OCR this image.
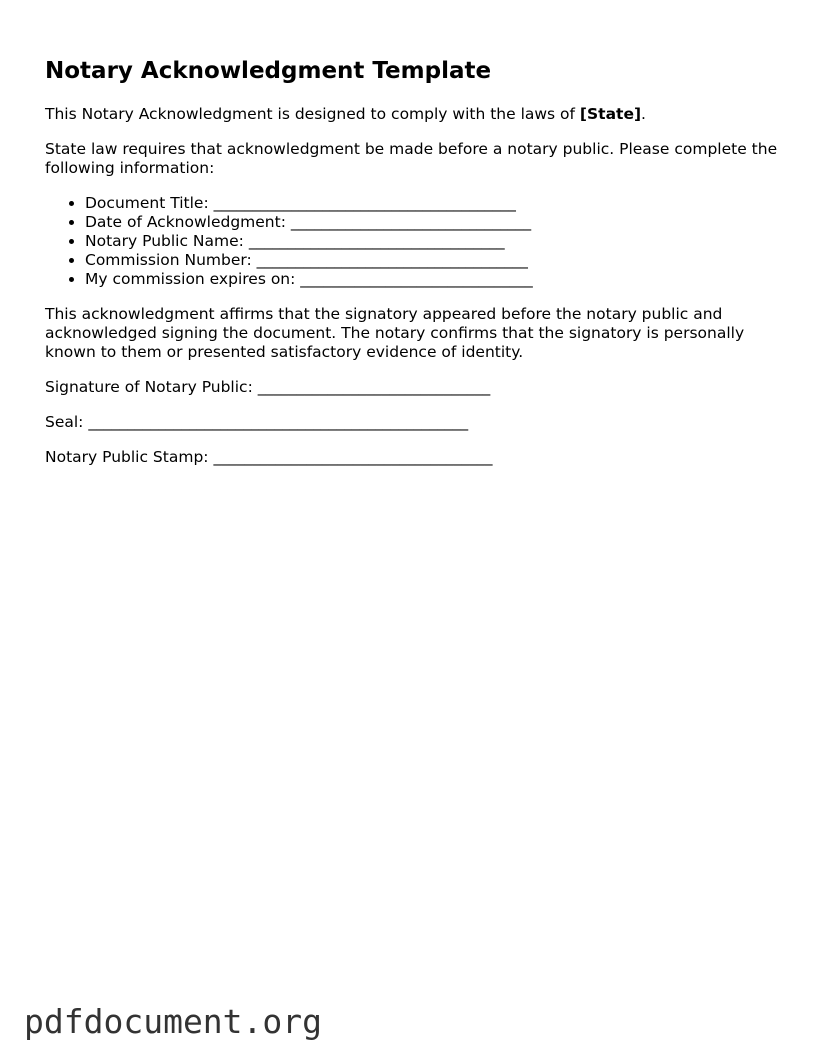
Notary Acknowledgment Template

This Notary Acknowledgment is designed to comply with the laws of [State].

State law requires that acknowledgment be made before a notary public. Please complete the following information:

• Document Title: _______________________________________
• Date of Acknowledgment: _______________________________
• Notary Public Name: _________________________________
• Commission Number: ___________________________________
• My commission expires on: ______________________________

This acknowledgment affirms that the signatory appeared before the notary public and acknowledged signing the document. The notary confirms that the signatory is personally known to them or presented satisfactory evidence of identity.

Signature of Notary Public: ______________________________
Seal: _________________________________________________
Notary Public Stamp: ____________________________________
pdfdocument.org
